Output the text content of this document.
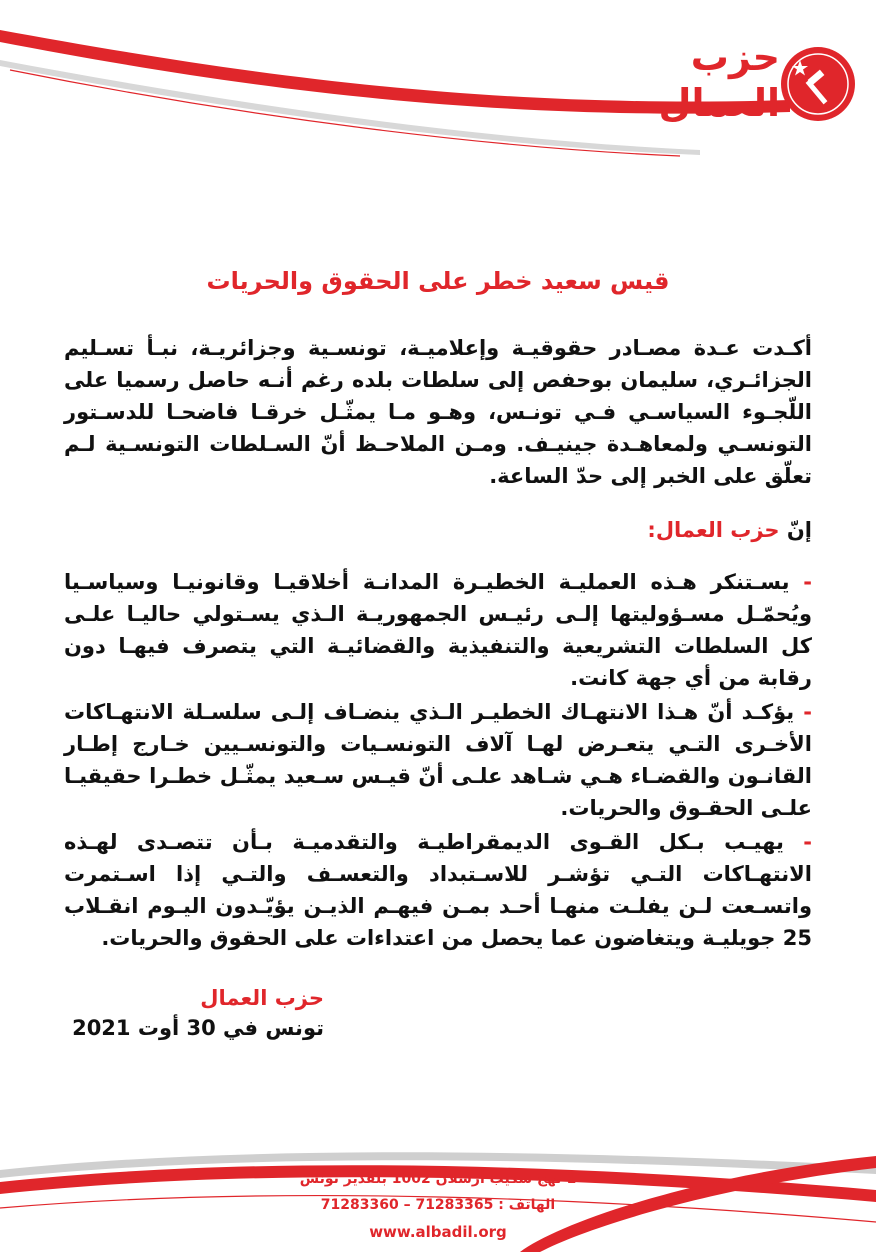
حزب
العمال
قيس سعيد خطر على الحقوق والحريات
أكـدت عـدة مصـادر حقوقيـة وإعلاميـة، تونسـية وجزائريـة، نبـأ تسـليم الجزائـري، سليمان بوحفص إلى سلطات بلده رغم أنـه حاصل رسميا على اللّجـوء السياسـي فـي تونـس، وهـو مـا يمثّـل خرقـا فاضحـا للدسـتور التونسـي ولمعاهـدة جينيـف. ومـن الملاحـظ أنّ السـلطات التونسـية لـم تعلّق على الخبر إلى حدّ الساعة.
إنّ حزب العمال:
- يسـتنكر هـذه العمليـة الخطيـرة المدانـة أخلاقيـا وقانونيـا وسياسـيا ويُحمّـل مسـؤوليتها إلـى رئيـس الجمهوريـة الـذي يسـتولي حاليـا علـى كل السلطات التشريعية والتنفيذية والقضائيـة التي يتصرف فيهـا دون رقابة من أي جهة كانت.
- يؤكـد أنّ هـذا الانتهـاك الخطيـر الـذي ينضـاف إلـى سلسـلة الانتهـاكات الأخـرى التـي يتعـرض لهـا آلاف التونسـيات والتونسـيين خـارج إطـار القانـون والقضـاء هـي شـاهد علـى أنّ قيـس سـعيد يمثّـل خطـرا حقيقيـا علـى الحقـوق والحريات.
- يهيـب بـكل القـوى الديمقراطيـة والتقدميـة بـأن تتصـدى لهـذه الانتهـاكات التـي تؤشـر للاسـتبداد والتعسـف والتـي إذا اسـتمرت واتسـعت لـن يفلـت منهـا أحـد بمـن فيهـم الذيـن يؤيّـدون اليـوم انقـلاب 25 جويليـة ويتغاضون عما يحصل من اعتداءات على الحقوق والحريات.
حزب العمال
تونس في 30 أوت 2021
1 نهج شكيب أرسلان 1002 بلفدير تونس
الهاتف : 71283365 – 71283360
www.albadil.org
